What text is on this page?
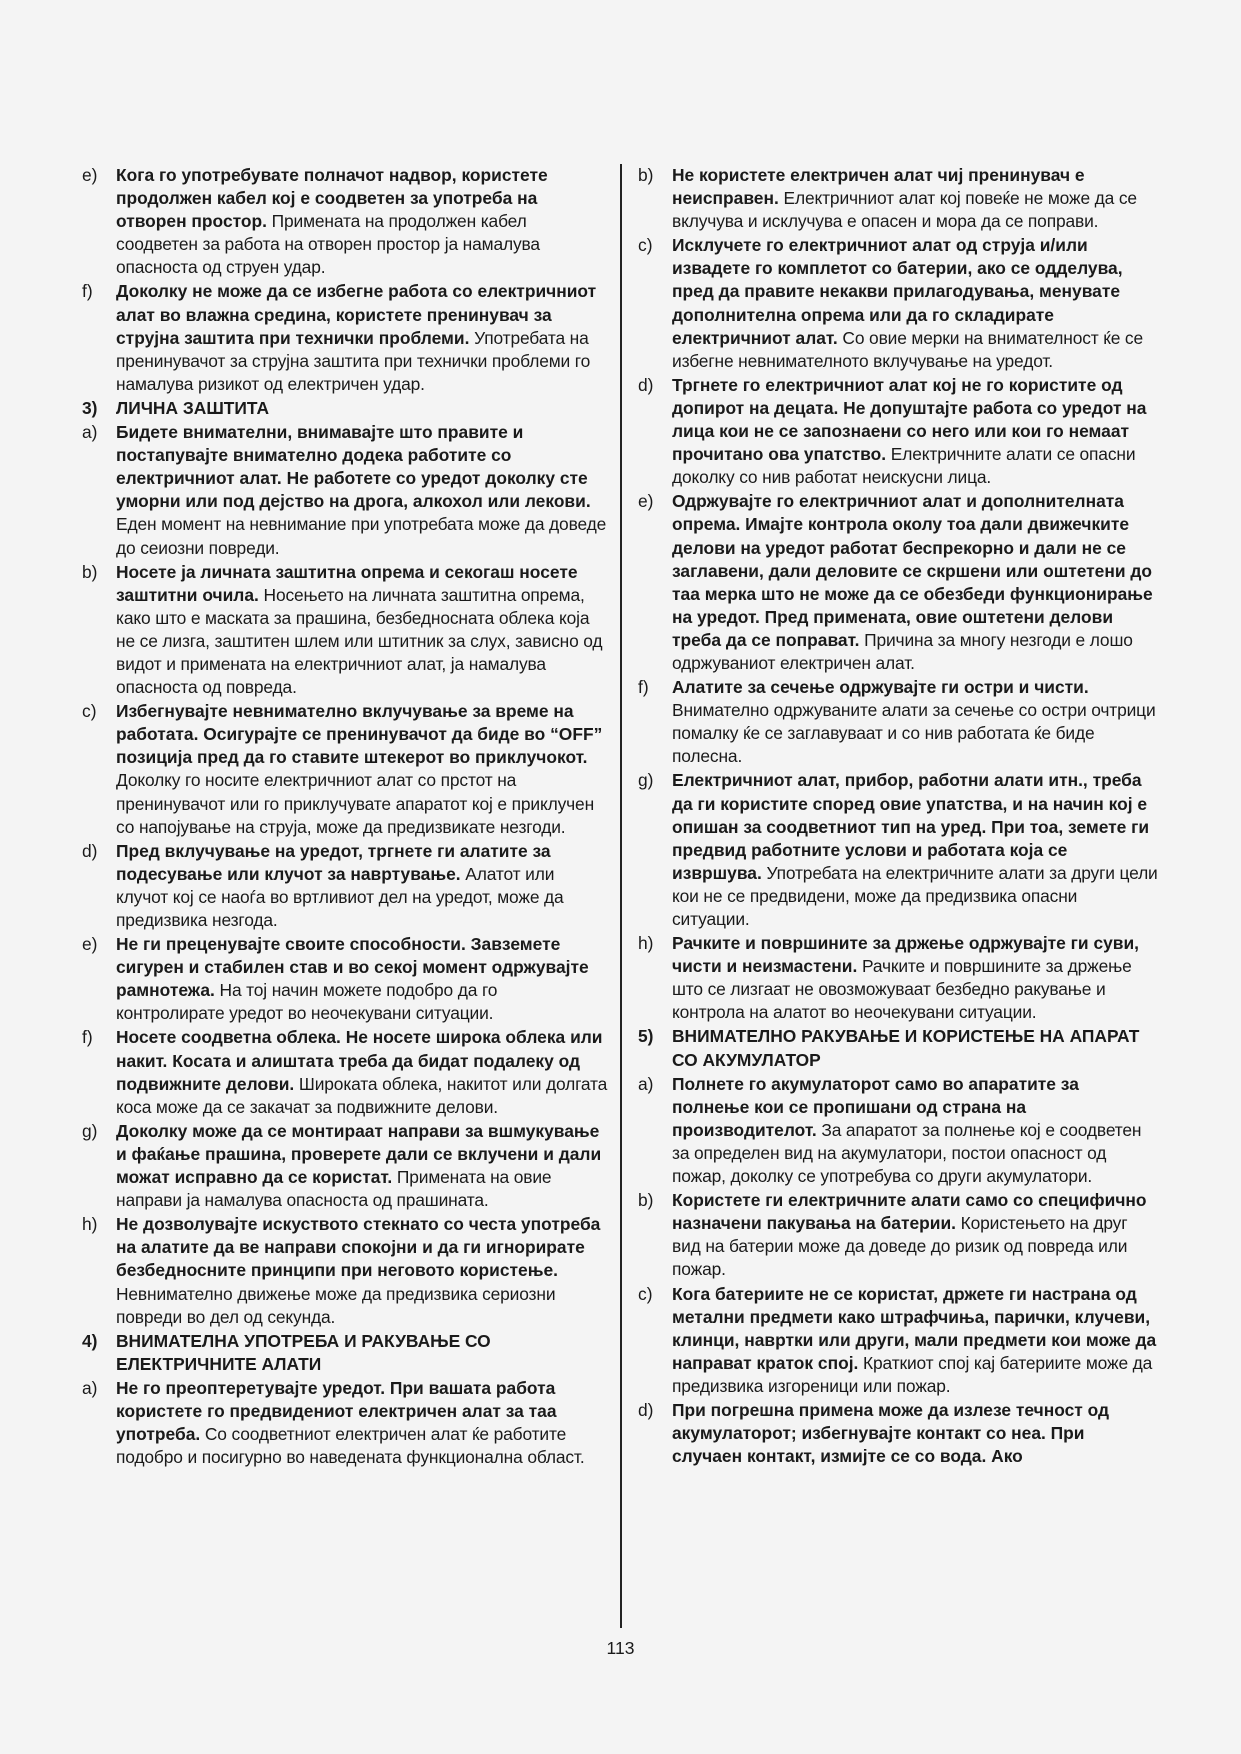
e) Кога го употребувате полначот надвор, користете продолжен кабел кој е соодветен за употреба на отворен простор. Примената на продолжен кабел соодветен за работа на отворен простор ја намалува опасноста од струен удар.
f) Доколку не може да се избегне работа со електричниот алат во влажна средина, користете пренинувач за струјна заштита при технички проблеми. Употребата на пренинувачот за струјна заштита при технички проблеми го намалува ризикот од електричен удар.
3) ЛИЧНА ЗАШТИТА
a) Бидете внимателни, внимавајте што правите и постапувајте внимателно додека работите со електричниот алат. Не работете со уредот доколку сте уморни или под дејство на дрога, алкохол или лекови. Еден момент на невнимание при употребата може да доведе до сеиозни повреди.
b) Носете ја личната заштитна опрема и секогаш носете заштитни очила. Носењето на личната заштитна опрема, како што е маската за прашина, безбедносната облека која не се лизга, заштитен шлем или штитник за слух, зависно од видот и примената на електричниот алат, ја намалува опасноста од повреда.
c) Избегнувајте невнимателно вклучување за време на работата. Осигурајте се пренинувачот да биде во “OFF” позиција пред да го ставите штекерот во приклучокот. Доколку го носите електричниот алат со прстот на пренинувачот или го приклучувате апаратот кој е приклучен со напојување на струја, може да предизвикате незгоди.
d) Пред вклучување на уредот, тргнете ги алатите за подесување или клучот за навртување. Алатот или клучот кој се наоѓа во вртливиот дел на уредот, може да предизвика незгода.
e) Не ги преценувајте своите способности. Завземете сигурен и стабилен став и во секој момент одржувајте рамнотежа. На тој начин можете подобро да го контролирате уредот во неочекувани ситуации.
f) Носете соодветна облека. Не носете широка облека или накит. Косата и алиштата треба да бидат подалеку од подвижните делови. Широката облека, накитот или долгата коса може да се закачат за подвижните делови.
g) Доколку може да се монтираат направи за вшмукување и фаќање прашина, проверете дали се вклучени и дали можат исправно да се користат. Примената на овие направи ја намалува опасноста од прашината.
h) Не дозволувајте искуството стекнато со честа употреба на алатите да ве направи спокојни и да ги игнорирате безбедносните принципи при неговото користење. Невнимателно движење може да предизвика сериозни повреди во дел од секунда.
4) ВНИМАТЕЛНА УПОТРЕБА И РАКУВАЊЕ СО ЕЛЕКТРИЧНИТЕ АЛАТИ
a) Не го преоптеретувајте уредот. При вашата работа користете го предвидениот електричен алат за таа употреба. Со соодветниот електричен алат ќе работите подобро и посигурно во наведената функционална област.
b) Не користете електричен алат чиј пренинувач е неисправен. Електричниот алат кој повеќе не може да се вклучува и исклучува е опасен и мора да се поправи.
c) Исклучете го електричниот алат од струја и/или извадете го комплетот со батерии, ако се одделува, пред да правите некакви прилагодувања, менувате дополнителна опрема или да го складирате електричниот алат. Со овие мерки на внимателност ќе се избегне невнимателното вклучување на уредот.
d) Тргнете го електричниот алат кој не го користите од допирот на децата. Не допуштајте работа со уредот на лица кои не се запознаени со него или кои го немаат прочитано ова упатство. Електричните алати се опасни доколку со нив работат неискусни лица.
e) Одржувајте го електричниот алат и дополнителната опрема. Имајте контрола околу тоа дали движечките делови на уредот работат беспрекорно и дали не се заглавени, дали деловите се скршени или оштетени до таа мерка што не може да се обезбеди функционирање на уредот. Пред примената, овие оштетени делови треба да се поправат. Причина за многу незгоди е лошо одржуваниот електричен алат.
f) Алатите за сечење одржувајте ги остри и чисти. Внимателно одржуваните алати за сечење со остри очтрици помалку ќе се заглавуваат и со нив работата ќе биде полесна.
g) Електричниот алат, прибор, работни алати итн., треба да ги користите според овие упатства, и на начин кој е опишан за соодветниот тип на уред. При тоа, земете ги предвид работните услови и работата која се извршува. Употребата на електричните алати за други цели кои не се предвидени, може да предизвика опасни ситуации.
h) Рачките и површините за држење одржувајте ги суви, чисти и неизмастени. Рачките и површините за држење што се лизгаат не овозможуваат безбедно ракување и контрола на алатот во неочекувани ситуации.
5) ВНИМАТЕЛНО РАКУВАЊЕ И КОРИСТЕЊЕ НА АПАРАТ СО АКУМУЛАТОР
a) Полнете го акумулаторот само во апаратите за полнење кои се пропишани од страна на производителот. За апаратот за полнење кој е соодветен за определен вид на акумулатори, постои опасност од пожар, доколку се употребува со други акумулатори.
b) Користете ги електричните алати само со специфично назначени пакувања на батерии. Користењето на друг вид на батерии може да доведе до ризик од повреда или пожар.
c) Кога батериите не се користат, држете ги настрана од метални предмети како штрафчиња, парички, клучеви, клинци, навртки или други, мали предмети кои може да направат краток спој. Краткиот спој кај батериите може да предизвика изгореници или пожар.
d) При погрешна примена може да излезе течност од акумулаторот; избегнувајте контакт со неа. При случаен контакт, измијте се со вода. Ако
113
